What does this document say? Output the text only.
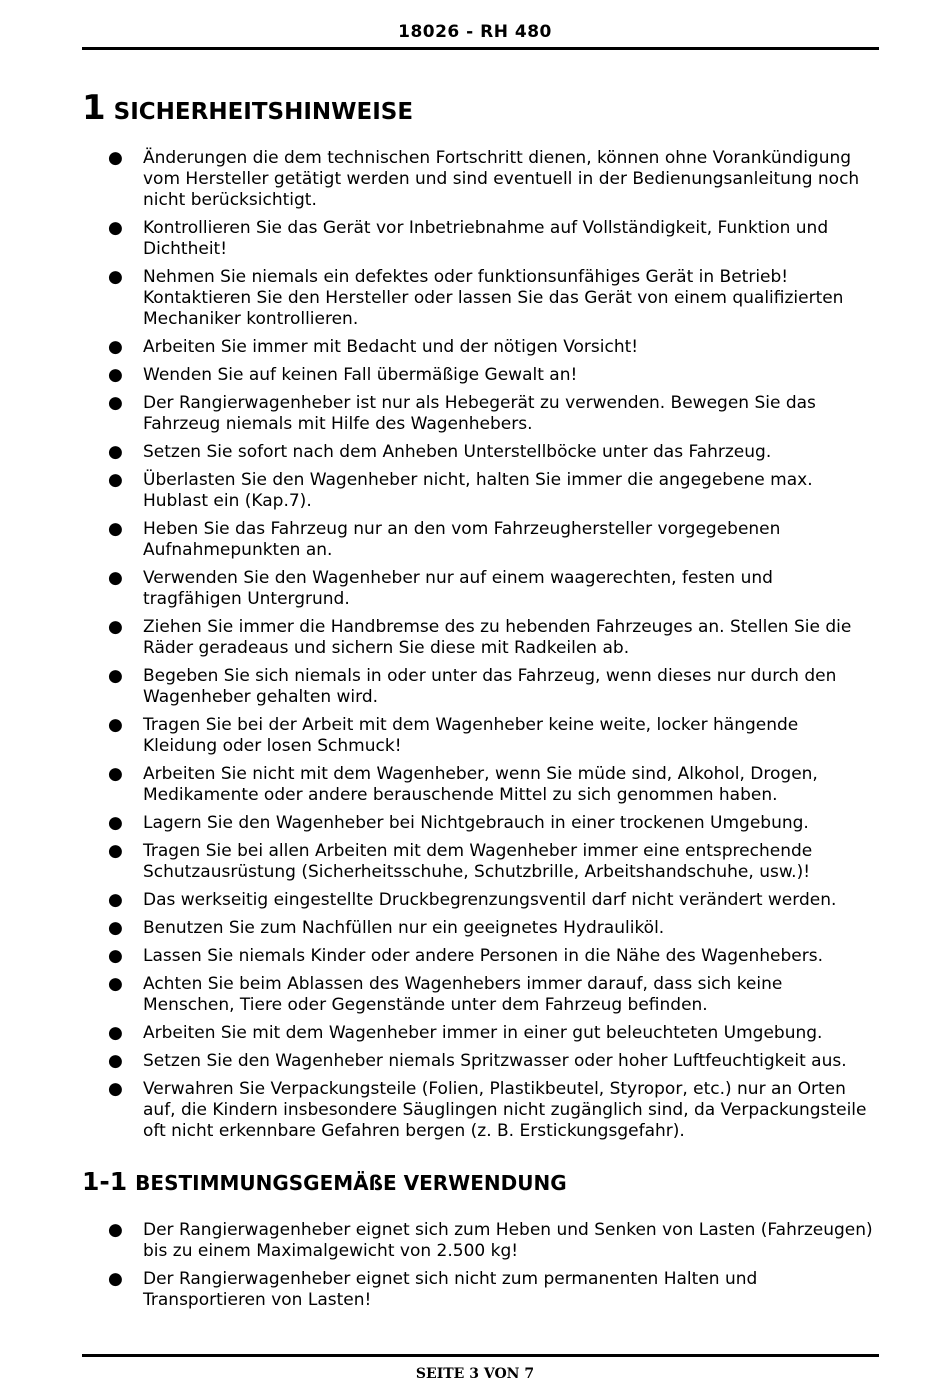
18026 - RH 480
1 SICHERHEITSHINWEISE
● Änderungen die dem technischen Fortschritt dienen, können ohne Vorankündigung vom Hersteller getätigt werden und sind eventuell in der Bedienungsanleitung noch nicht berücksichtigt.
● Kontrollieren Sie das Gerät vor Inbetriebnahme auf Vollständigkeit, Funktion und Dichtheit!
● Nehmen Sie niemals ein defektes oder funktionsunfähiges Gerät in Betrieb! Kontaktieren Sie den Hersteller oder lassen Sie das Gerät von einem qualifizierten Mechaniker kontrollieren.
● Arbeiten Sie immer mit Bedacht und der nötigen Vorsicht!
● Wenden Sie auf keinen Fall übermäßige Gewalt an!
● Der Rangierwagenheber ist nur als Hebegerät zu verwenden. Bewegen Sie das Fahrzeug niemals mit Hilfe des Wagenhebers.
● Setzen Sie sofort nach dem Anheben Unterstellböcke unter das Fahrzeug.
● Überlasten Sie den Wagenheber nicht, halten Sie immer die angegebene max. Hublast ein (Kap.7).
● Heben Sie das Fahrzeug nur an den vom Fahrzeughersteller vorgegebenen Aufnahmepunkten an.
● Verwenden Sie den Wagenheber nur auf einem waagerechten, festen und tragfähigen Untergrund.
● Ziehen Sie immer die Handbremse des zu hebenden Fahrzeuges an. Stellen Sie die Räder geradeaus und sichern Sie diese mit Radkeilen ab.
● Begeben Sie sich niemals in oder unter das Fahrzeug, wenn dieses nur durch den Wagenheber gehalten wird.
● Tragen Sie bei der Arbeit mit dem Wagenheber keine weite, locker hängende Kleidung oder losen Schmuck!
● Arbeiten Sie nicht mit dem Wagenheber, wenn Sie müde sind, Alkohol, Drogen, Medikamente oder andere berauschende Mittel zu sich genommen haben.
● Lagern Sie den Wagenheber bei Nichtgebrauch in einer trockenen Umgebung.
● Tragen Sie bei allen Arbeiten mit dem Wagenheber immer eine entsprechende Schutzausrüstung (Sicherheitsschuhe, Schutzbrille, Arbeitshandschuhe, usw.)!
● Das werkseitig eingestellte Druckbegrenzungsventil darf nicht verändert werden.
● Benutzen Sie zum Nachfüllen nur ein geeignetes Hydrauliköl.
● Lassen Sie niemals Kinder oder andere Personen in die Nähe des Wagenhebers.
● Achten Sie beim Ablassen des Wagenhebers immer darauf, dass sich keine Menschen, Tiere oder Gegenstände unter dem Fahrzeug befinden.
● Arbeiten Sie mit dem Wagenheber immer in einer gut beleuchteten Umgebung.
● Setzen Sie den Wagenheber niemals Spritzwasser oder hoher Luftfeuchtigkeit aus.
● Verwahren Sie Verpackungsteile (Folien, Plastikbeutel, Styropor, etc.) nur an Orten auf, die Kindern insbesondere Säuglingen nicht zugänglich sind, da Verpackungsteile oft nicht erkennbare Gefahren bergen (z. B. Erstickungsgefahr).
1-1 BESTIMMUNGSGEMÄßE VERWENDUNG
● Der Rangierwagenheber eignet sich zum Heben und Senken von Lasten (Fahrzeugen) bis zu einem Maximalgewicht von 2.500 kg!
● Der Rangierwagenheber eignet sich nicht zum permanenten Halten und Transportieren von Lasten!
SEITE 3 VON 7
